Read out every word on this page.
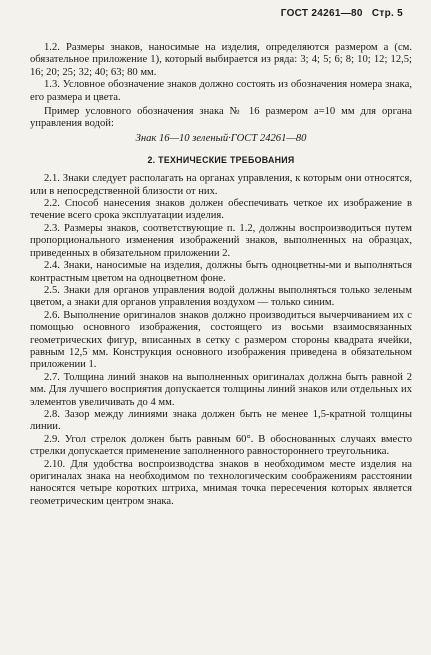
ГОСТ 24261—80 Стр. 5

1.2. Размеры знаков, наносимые на изделия, определяются размером a (см. обязательное приложение 1), который выбирается из ряда: 3; 4; 5; 6; 8; 10; 12; 12,5; 16; 20; 25; 32; 40; 63; 80 мм.

1.3. Условное обозначение знаков должно состоять из обозначения номера знака, его размера и цвета.

Пример условного обозначения знака № 16 размером a=10 мм для органа управления водой:

Знак 16—10 зеленый·ГОСТ 24261—80
2. ТЕХНИЧЕСКИЕ ТРЕБОВАНИЯ

2.1. Знаки следует располагать на органах управления, к которым они относятся, или в непосредственной близости от них.

2.2. Способ нанесения знаков должен обеспечивать четкое их изображение в течение всего срока эксплуатации изделия.

2.3. Размеры знаков, соответствующие п. 1.2, должны воспроизводиться путем пропорционального изменения изображений знаков, выполненных на образцах, приведенных в обязательном приложении 2.

2.4. Знаки, наносимые на изделия, должны быть одноцветны-ми и выполняться контрастным цветом на одноцветном фоне.

2.5. Знаки для органов управления водой должны выполняться только зеленым цветом, а знаки для органов управления воздухом — только синим.

2.6. Выполнение оригиналов знаков должно производиться вычерчиванием их с помощью основного изображения, состоящего из восьми взаимосвязанных геометрических фигур, вписанных в сетку с размером стороны квадрата ячейки, равным 12,5 мм. Конструкция основного изображения приведена в обязательном приложении 1.

2.7. Толщина линий знаков на выполненных оригиналах должна быть равной 2 мм. Для лучшего восприятия допускается толщины линий знаков или отдельных их элементов увеличивать до 4 мм.

2.8. Зазор между линиями знака должен быть не менее 1,5-кратной толщины линии.

2.9. Угол стрелок должен быть равным 60°. В обоснованных случаях вместо стрелки допускается применение заполненного равностороннего треугольника.

2.10. Для удобства воспроизводства знаков в необходимом месте изделия на оригиналах знака на необходимом по технологическим соображениям расстоянии наносятся четыре коротких штриха, мнимая точка пересечения которых является геометрическим центром знака.
